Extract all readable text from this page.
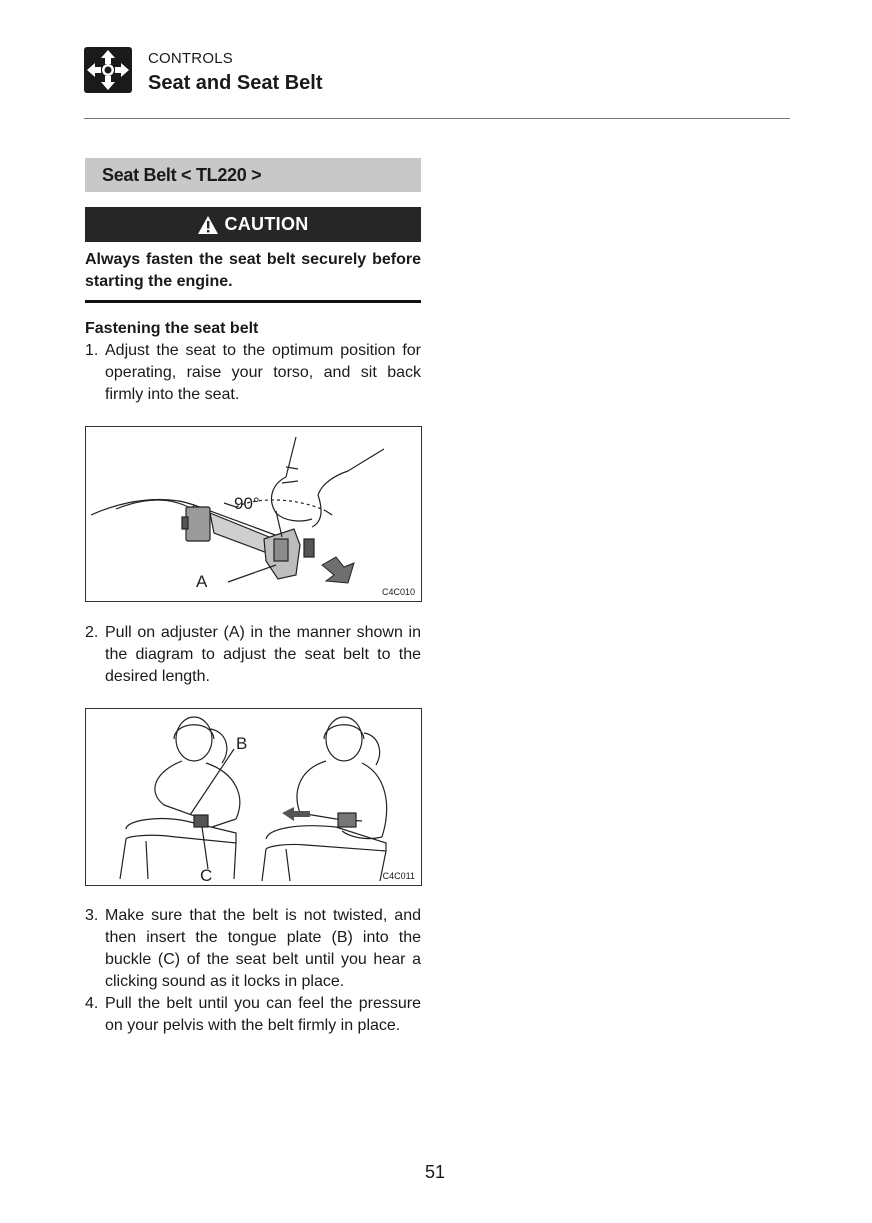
CONTROLS
Seat and Seat Belt
Seat Belt < TL220 >
CAUTION
Always fasten the seat belt securely before starting the engine.
Fastening the seat belt
1. Adjust the seat to the optimum position for operating, raise your torso, and sit back firmly into the seat.
90°
A
C4C010
2. Pull on adjuster (A) in the manner shown in the diagram to adjust the seat belt to the desired length.
B
C	C4C011
3. Make sure that the belt is not twisted, and then insert the tongue plate (B) into the buckle (C) of the seat belt until you hear a clicking sound as it locks in place.
4. Pull the belt until you can feel the pressure on your pelvis with the belt firmly in place.
51
